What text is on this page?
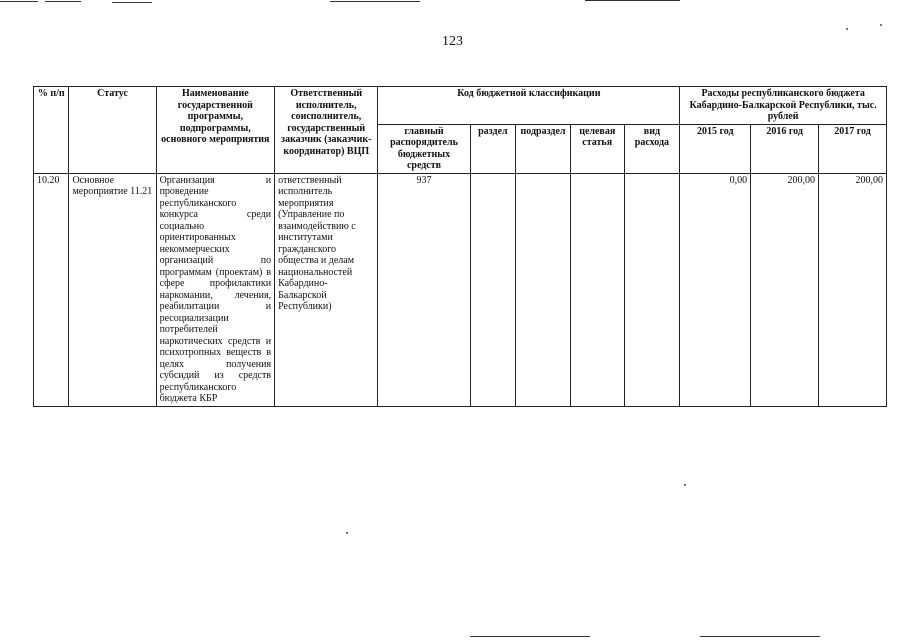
123
% п/п	Статус	Наименование государственной программы, подпрограммы, основного мероприятия	Ответственный исполнитель, соисполнитель, государственный заказчик (заказчик-координатор) ВЦП	Код бюджетной классификации					Расходы республиканского бюджета Кабардино-Балкарской Республики, тыс. рублей		
				главный распорядитель бюджетных средств	раздел	подраздел	целевая статья	вид расхода	2015 год	2016 год	2017 год
10.20	Основное мероприятие 11.21	Организация и проведение республиканского конкурса среди социально ориентированных некоммерческих организаций по программам (проектам) в сфере профилактики наркомании, лечения, реабилитации и ресоциализации потребителей наркотических средств и психотропных веществ в целях получения субсидий из средств республиканского бюджета КБР	ответственный исполнитель мероприятия (Управление по взаимодействию с институтами гражданского общества и делам национальностей Кабардино-Балкарской Республики)	937					0,00	200,00	200,00
